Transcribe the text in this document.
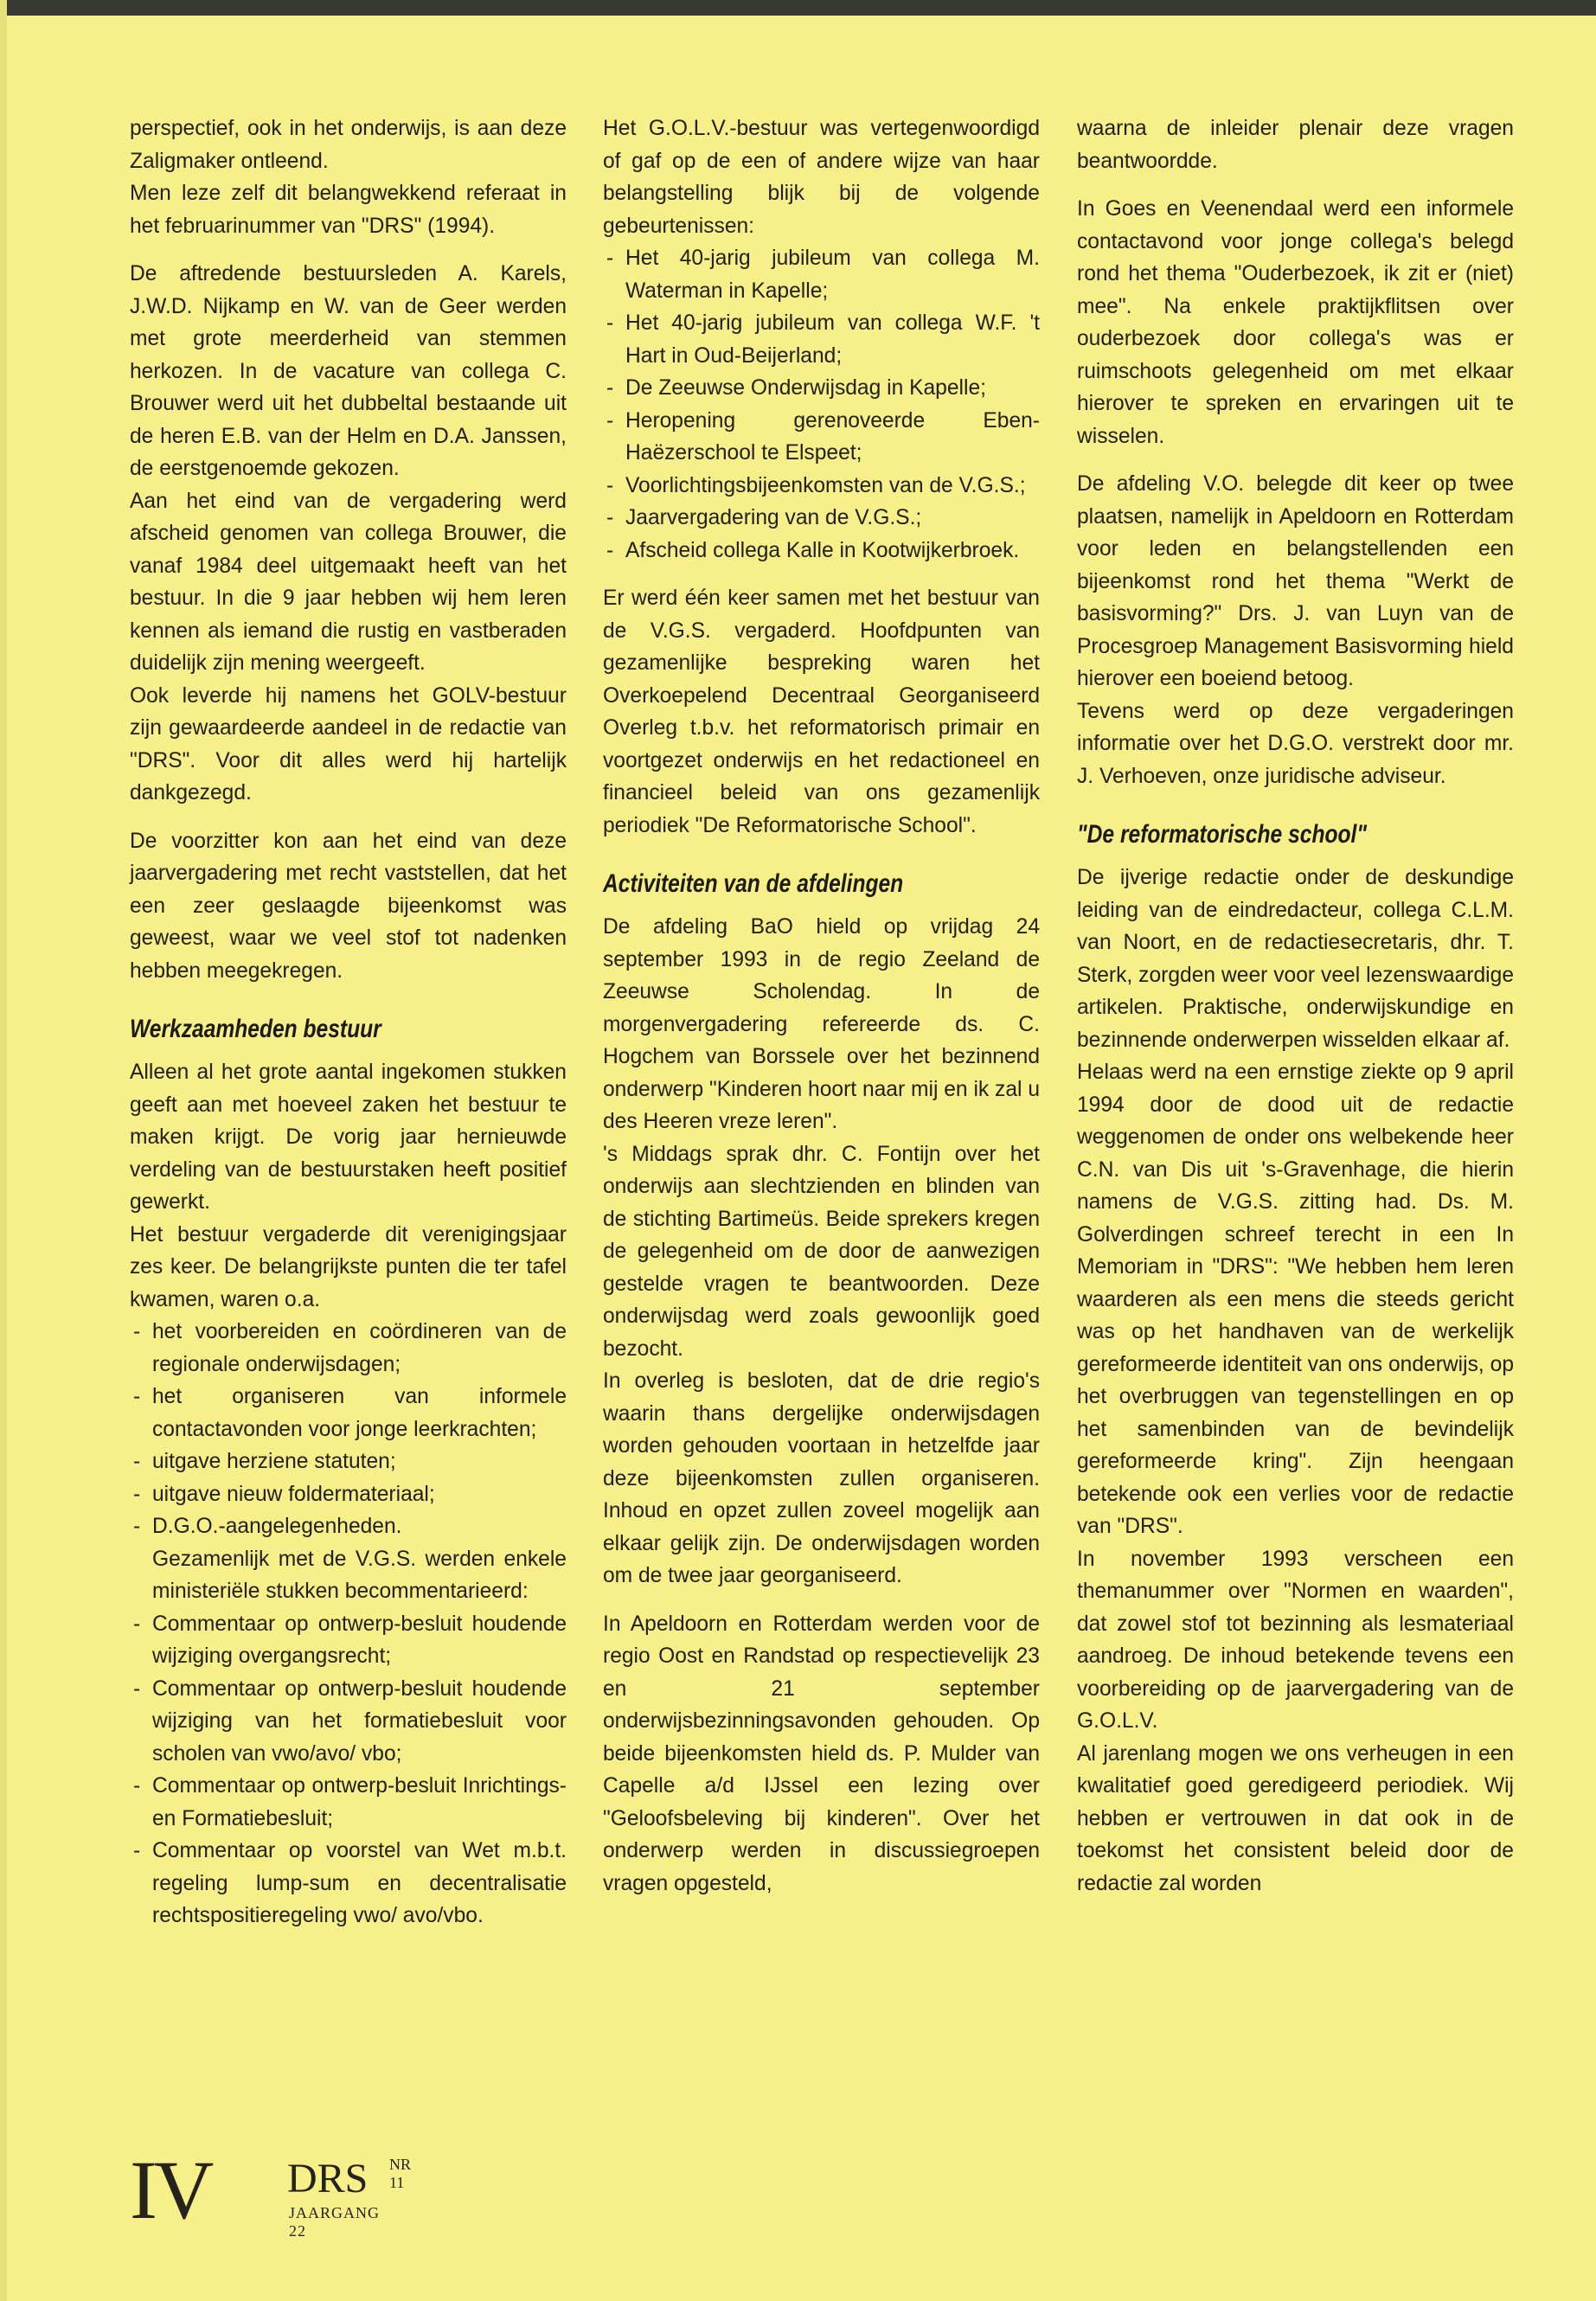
perspectief, ook in het onderwijs, is aan deze Zaligmaker ontleend.

Men leze zelf dit belangwekkend referaat in het februarinummer van "DRS" (1994).

De aftredende bestuursleden A. Karels, J.W.D. Nijkamp en W. van de Geer werden met grote meerderheid van stemmen herkozen. In de vacature van collega C. Brouwer werd uit het dubbeltal bestaande uit de heren E.B. van der Helm en D.A. Janssen, de eerstgenoemde gekozen.

Aan het eind van de vergadering werd afscheid genomen van collega Brouwer, die vanaf 1984 deel uitgemaakt heeft van het bestuur. In die 9 jaar hebben wij hem leren kennen als iemand die rustig en vastberaden duidelijk zijn mening weergeeft.

Ook leverde hij namens het GOLV-bestuur zijn gewaardeerde aandeel in de redactie van "DRS". Voor dit alles werd hij hartelijk dankgezegd.

De voorzitter kon aan het eind van deze jaarvergadering met recht vaststellen, dat het een zeer geslaagde bijeenkomst was geweest, waar we veel stof tot nadenken hebben meegekregen.

Werkzaamheden bestuur

Alleen al het grote aantal ingekomen stukken geeft aan met hoeveel zaken het bestuur te maken krijgt. De vorig jaar hernieuwde verdeling van de bestuurstaken heeft positief gewerkt.

Het bestuur vergaderde dit verenigingsjaar zes keer. De belangrijkste punten die ter tafel kwamen, waren o.a.

- het voorbereiden en coördineren van de regionale onderwijsdagen;
- het organiseren van informele contactavonden voor jonge leerkrachten;
- uitgave herziene statuten;
- uitgave nieuw foldermateriaal;
- D.G.O.-aangelegenheden.
Gezamenlijk met de V.G.S. werden enkele ministeriële stukken becommentarieerd:
- Commentaar op ontwerp-besluit houdende wijziging overgangsrecht;
- Commentaar op ontwerp-besluit houdende wijziging van het formatiebesluit voor scholen van vwo/avo/ vbo;
- Commentaar op ontwerp-besluit Inrichtings- en Formatiebesluit;
- Commentaar op voorstel van Wet m.b.t. regeling lump-sum en decentralisatie rechtspositieregeling vwo/ avo/vbo.

Het G.O.L.V.-bestuur was vertegenwoordigd of gaf op de een of andere wijze van haar belangstelling blijk bij de volgende gebeurtenissen:

- Het 40-jarig jubileum van collega M. Waterman in Kapelle;
- Het 40-jarig jubileum van collega W.F. 't Hart in Oud-Beijerland;
- De Zeeuwse Onderwijsdag in Kapelle;
- Heropening gerenoveerde Eben-Haëzerschool te Elspeet;
- Voorlichtingsbijeenkomsten van de V.G.S.;
- Jaarvergadering van de V.G.S.;
- Afscheid collega Kalle in Kootwijkerbroek.

Er werd één keer samen met het bestuur van de V.G.S. vergaderd. Hoofdpunten van gezamenlijke bespreking waren het Overkoepelend Decentraal Georganiseerd Overleg t.b.v. het reformatorisch primair en voortgezet onderwijs en het redactioneel en financieel beleid van ons gezamenlijk periodiek "De Reformatorische School".

Activiteiten van de afdelingen

De afdeling BaO hield op vrijdag 24 september 1993 in de regio Zeeland de Zeeuwse Scholendag. In de morgenvergadering refereerde ds. C. Hogchem van Borssele over het bezinnend onderwerp "Kinderen hoort naar mij en ik zal u des Heeren vreze leren".

's Middags sprak dhr. C. Fontijn over het onderwijs aan slechtzienden en blinden van de stichting Bartimeüs. Beide sprekers kregen de gelegenheid om de door de aanwezigen gestelde vragen te beantwoorden. Deze onderwijsdag werd zoals gewoonlijk goed bezocht.

In overleg is besloten, dat de drie regio's waarin thans dergelijke onderwijsdagen worden gehouden voortaan in hetzelfde jaar deze bijeenkomsten zullen organiseren. Inhoud en opzet zullen zoveel mogelijk aan elkaar gelijk zijn. De onderwijsdagen worden om de twee jaar georganiseerd.

In Apeldoorn en Rotterdam werden voor de regio Oost en Randstad op respectievelijk 23 en 21 september onderwijsbezinningsavonden gehouden. Op beide bijeenkomsten hield ds. P. Mulder van Capelle a/d IJssel een lezing over "Geloofsbeleving bij kinderen". Over het onderwerp werden in discussiegroepen vragen opgesteld,

waarna de inleider plenair deze vragen beantwoordde.

In Goes en Veenendaal werd een informele contactavond voor jonge collega's belegd rond het thema "Ouderbezoek, ik zit er (niet) mee". Na enkele praktijkflitsen over ouderbezoek door collega's was er ruimschoots gelegenheid om met elkaar hierover te spreken en ervaringen uit te wisselen.

De afdeling V.O. belegde dit keer op twee plaatsen, namelijk in Apeldoorn en Rotterdam voor leden en belangstellenden een bijeenkomst rond het thema "Werkt de basisvorming?" Drs. J. van Luyn van de Procesgroep Management Basisvorming hield hierover een boeiend betoog.

Tevens werd op deze vergaderingen informatie over het D.G.O. verstrekt door mr. J. Verhoeven, onze juridische adviseur.

"De reformatorische school"

De ijverige redactie onder de deskundige leiding van de eindredacteur, collega C.L.M. van Noort, en de redactiesecretaris, dhr. T. Sterk, zorgden weer voor veel lezenswaardige artikelen. Praktische, onderwijskundige en bezinnende onderwerpen wisselden elkaar af.

Helaas werd na een ernstige ziekte op 9 april 1994 door de dood uit de redactie weggenomen de onder ons welbekende heer C.N. van Dis uit 's-Gravenhage, die hierin namens de V.G.S. zitting had. Ds. M. Golverdingen schreef terecht in een In Memoriam in "DRS": "We hebben hem leren waarderen als een mens die steeds gericht was op het handhaven van de werkelijk gereformeerde identiteit van ons onderwijs, op het overbruggen van tegenstellingen en op het samenbinden van de bevindelijk gereformeerde kring". Zijn heengaan betekende ook een verlies voor de redactie van "DRS".

In november 1993 verscheen een themanummer over "Normen en waarden", dat zowel stof tot bezinning als lesmateriaal aandroeg. De inhoud betekende tevens een voorbereiding op de jaarvergadering van de G.O.L.V.

Al jarenlang mogen we ons verheugen in een kwalitatief goed geredigeerd periodiek. Wij hebben er vertrouwen in dat ook in de toekomst het consistent beleid door de redactie zal worden

IV DRS NR 11
JAARGANG 22
